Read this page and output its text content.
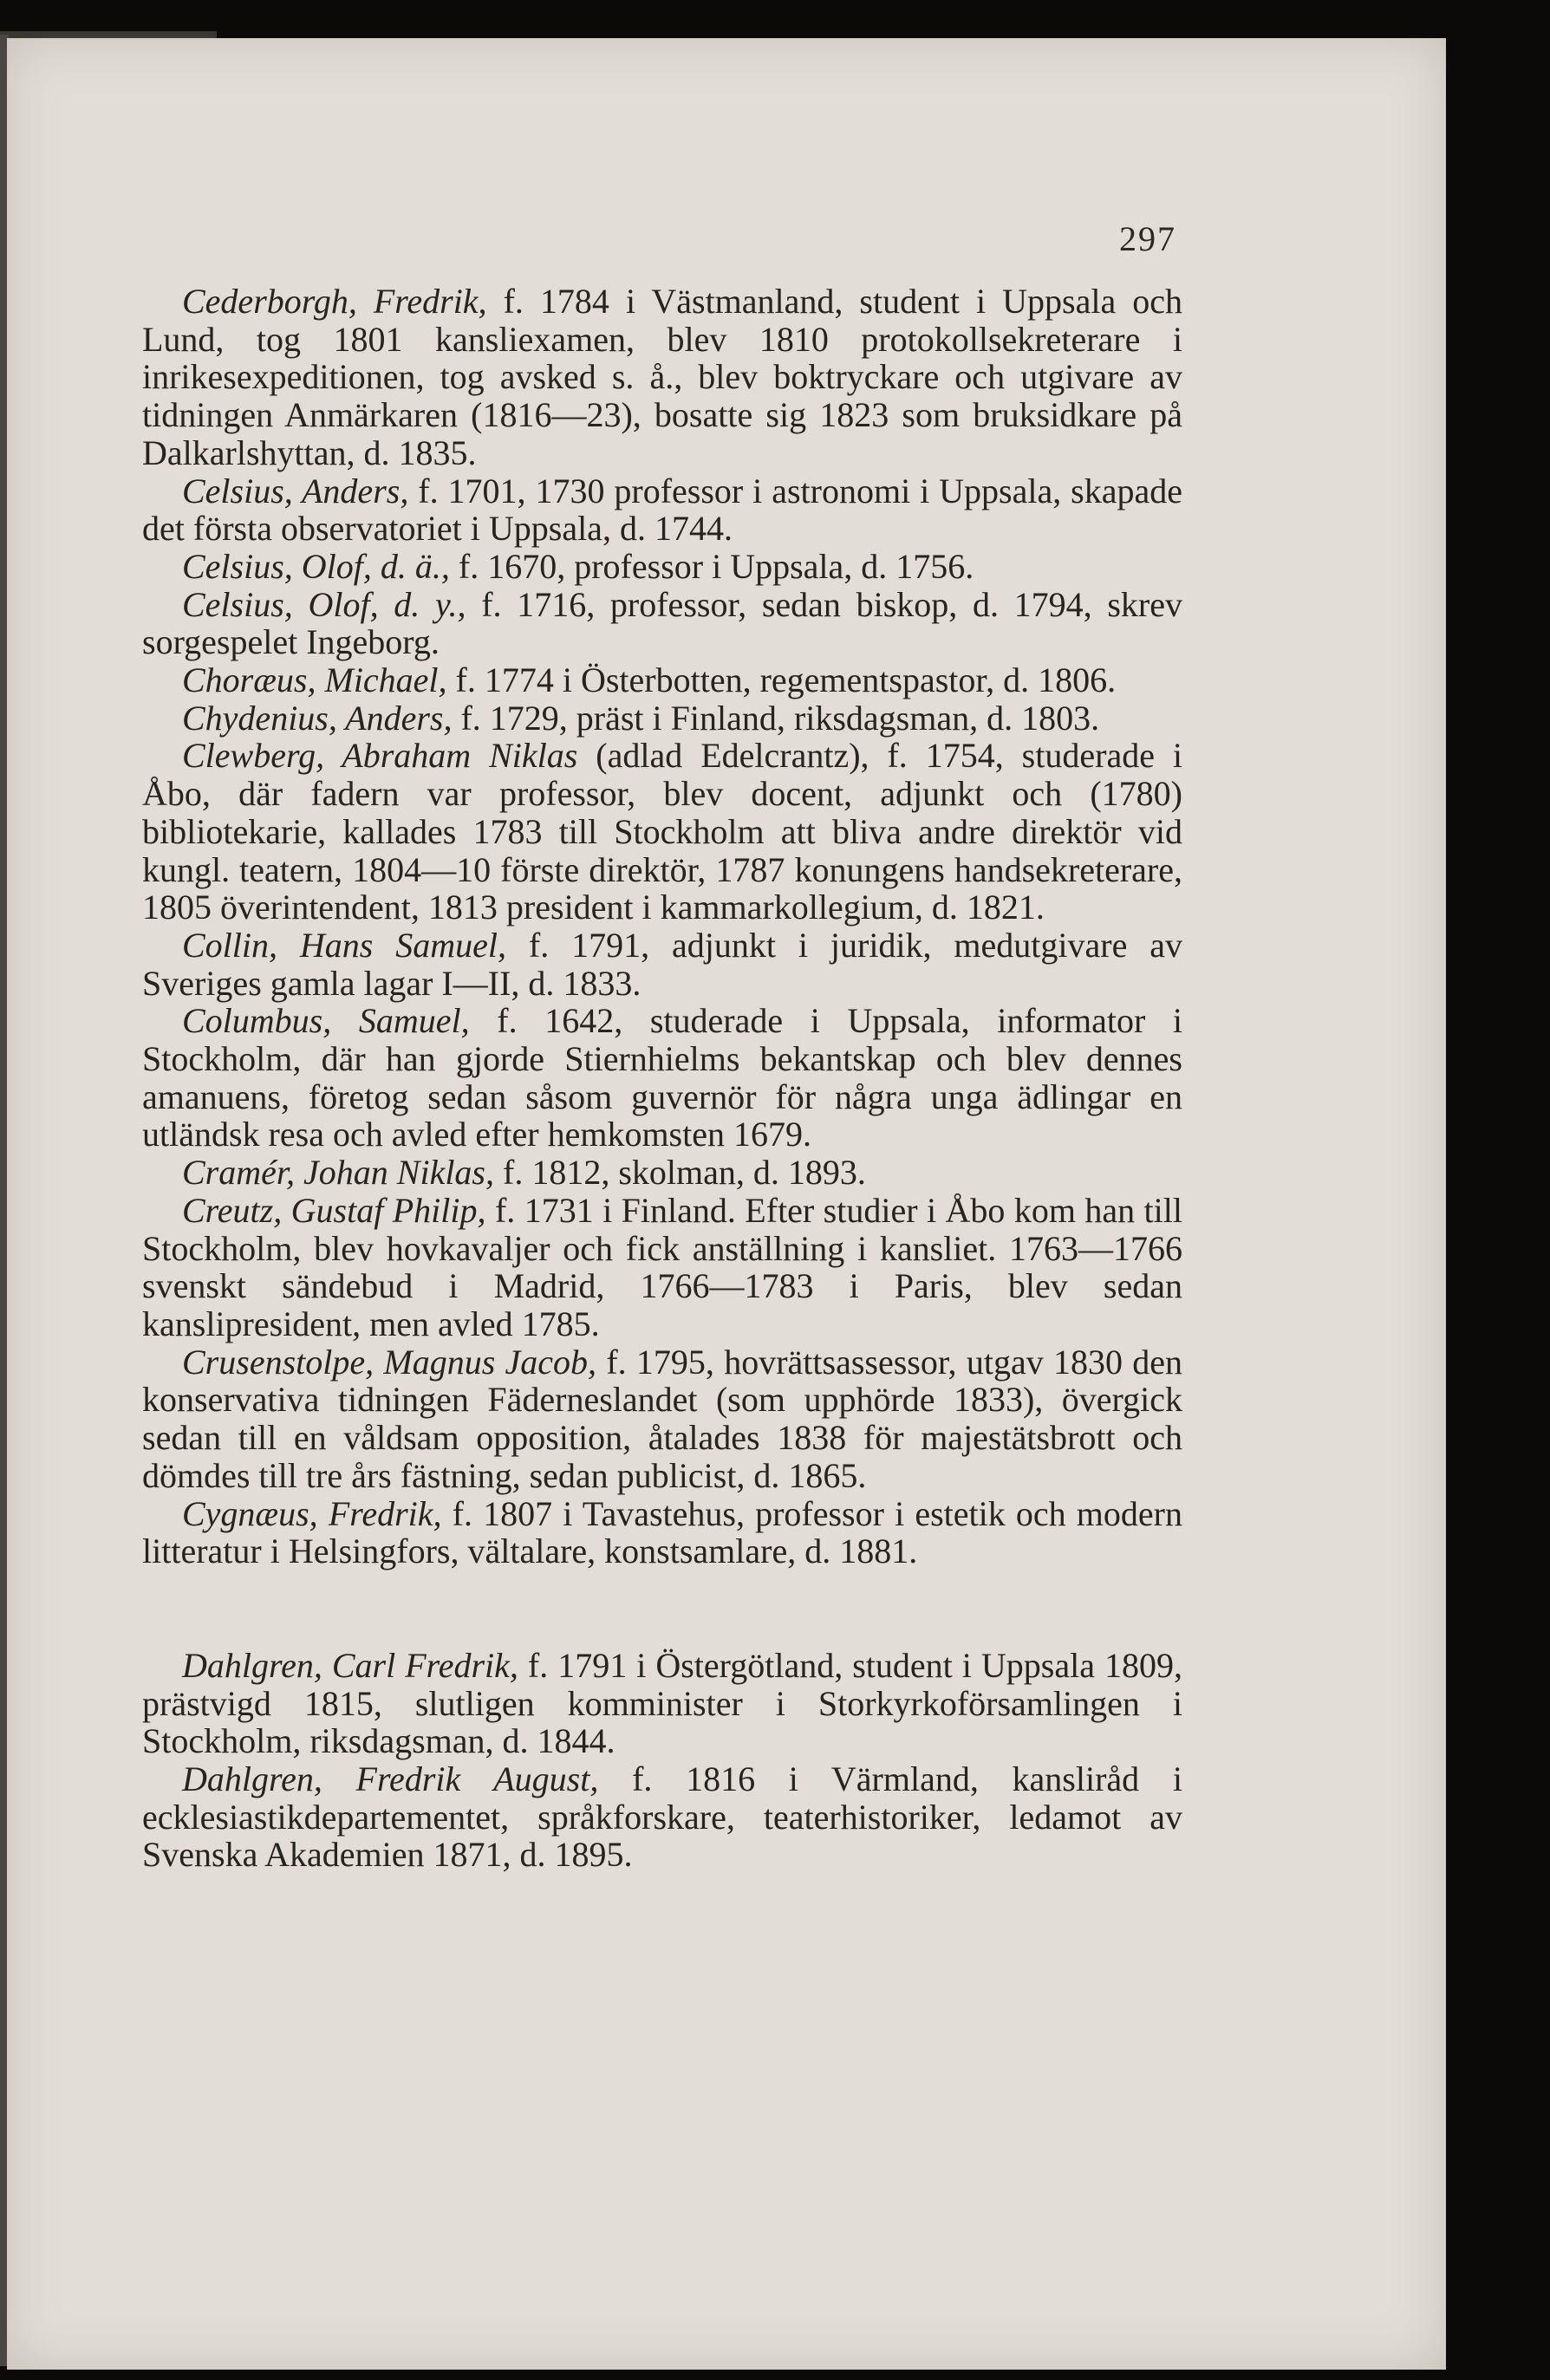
297

Cederborgh, Fredrik, f. 1784 i Västmanland, student i Uppsala och Lund, tog 1801 kansliexamen, blev 1810 protokollsekreterare i inrikesexpeditionen, tog avsked s. å., blev boktryckare och utgivare av tidningen Anmärkaren (1816—23), bosatte sig 1823 som bruksidkare på Dalkarlshyttan, d. 1835.

Celsius, Anders, f. 1701, 1730 professor i astronomi i Uppsala, skapade det första observatoriet i Uppsala, d. 1744.

Celsius, Olof, d. ä., f. 1670, professor i Uppsala, d. 1756.

Celsius, Olof, d. y., f. 1716, professor, sedan biskop, d. 1794, skrev sorgespelet Ingeborg.

Choræus, Michael, f. 1774 i Österbotten, regementspastor, d. 1806.

Chydenius, Anders, f. 1729, präst i Finland, riksdagsman, d. 1803.

Clewberg, Abraham Niklas (adlad Edelcrantz), f. 1754, studerade i Åbo, där fadern var professor, blev docent, adjunkt och (1780) bibliotekarie, kallades 1783 till Stockholm att bliva andre direktör vid kungl. teatern, 1804—10 förste direktör, 1787 konungens handsekreterare, 1805 överintendent, 1813 president i kammarkollegium, d. 1821.

Collin, Hans Samuel, f. 1791, adjunkt i juridik, medutgivare av Sveriges gamla lagar I—II, d. 1833.

Columbus, Samuel, f. 1642, studerade i Uppsala, informator i Stockholm, där han gjorde Stiernhielms bekantskap och blev dennes amanuens, företog sedan såsom guvernör för några unga ädlingar en utländsk resa och avled efter hemkomsten 1679.

Cramér, Johan Niklas, f. 1812, skolman, d. 1893.

Creutz, Gustaf Philip, f. 1731 i Finland. Efter studier i Åbo kom han till Stockholm, blev hovkavaljer och fick anställning i kansliet. 1763—1766 svenskt sändebud i Madrid, 1766—1783 i Paris, blev sedan kanslipresident, men avled 1785.

Crusenstolpe, Magnus Jacob, f. 1795, hovrättsassessor, utgav 1830 den konservativa tidningen Fäderneslandet (som upphörde 1833), övergick sedan till en våldsam opposition, åtalades 1838 för majestätsbrott och dömdes till tre års fästning, sedan publicist, d. 1865.

Cygnæus, Fredrik, f. 1807 i Tavastehus, professor i estetik och modern litteratur i Helsingfors, vältalare, konstsamlare, d. 1881.

Dahlgren, Carl Fredrik, f. 1791 i Östergötland, student i Uppsala 1809, prästvigd 1815, slutligen komminister i Storkyrkoförsamlingen i Stockholm, riksdagsman, d. 1844.

Dahlgren, Fredrik August, f. 1816 i Värmland, kansliråd i ecklesiastikdepartementet, språkforskare, teaterhistoriker, ledamot av Svenska Akademien 1871, d. 1895.
